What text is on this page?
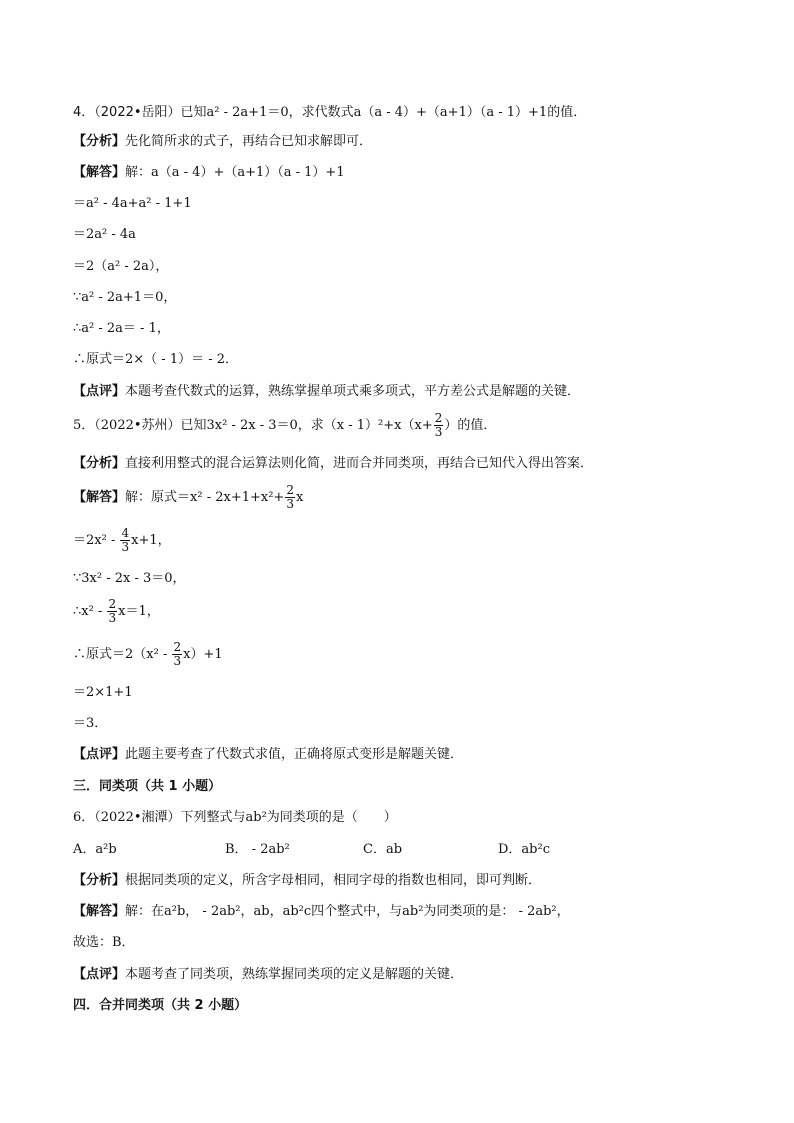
4．（2022•岳阳）已知a² - 2a+1＝0，求代数式a（a - 4）+（a+1）（a - 1）+1的值．
【分析】先化简所求的式子，再结合已知求解即可．
【解答】解：a（a - 4）+（a+1）（a - 1）+1
＝a² - 4a+a² - 1+1
＝2a² - 4a
＝2（a² - 2a），
∵a² - 2a+1＝0，
∴a² - 2a＝ - 1，
∴原式＝2×（ - 1）＝ - 2．
【点评】本题考查代数式的运算，熟练掌握单项式乘多项式，平方差公式是解题的关键．
5．（2022•苏州）已知3x² - 2x - 3＝0，求$(x - 1)^2+x(x+ \frac{2}{3}$ ）的值．
【分析】直接利用整式的混合运算法则化简，进而合并同类项，再结合已知代入得出答案．
【解答】解：原式$=x^2 - 2x+1+x^2+ \frac{2}{3}$ x
$=2x^2 - \frac{4}{3} x+1$，
∵3x² - 2x - 3＝0，
∴x² - $\frac{2}{3} x=1$，
∴原式$=2(x^2 - \frac{2}{3} x)+1$
＝2×1+1
＝3．
【点评】此题主要考查了代数式求值，正确将原式变形是解题关键．
三．同类项（共 1 小题）
6．（2022•湘潭）下列整式与ab²为同类项的是（　　）
A．a²b	B． - 2ab²	C．ab	D．ab²c
【分析】根据同类项的定义，所含字母相同，相同字母的指数也相同，即可判断．
【解答】解：在a²b， - 2ab²，ab，ab²c四个整式中，与ab²为同类项的是： - 2ab²，
故选：B．
【点评】本题考查了同类项，熟练掌握同类项的定义是解题的关键．
四．合并同类项（共 2 小题）
